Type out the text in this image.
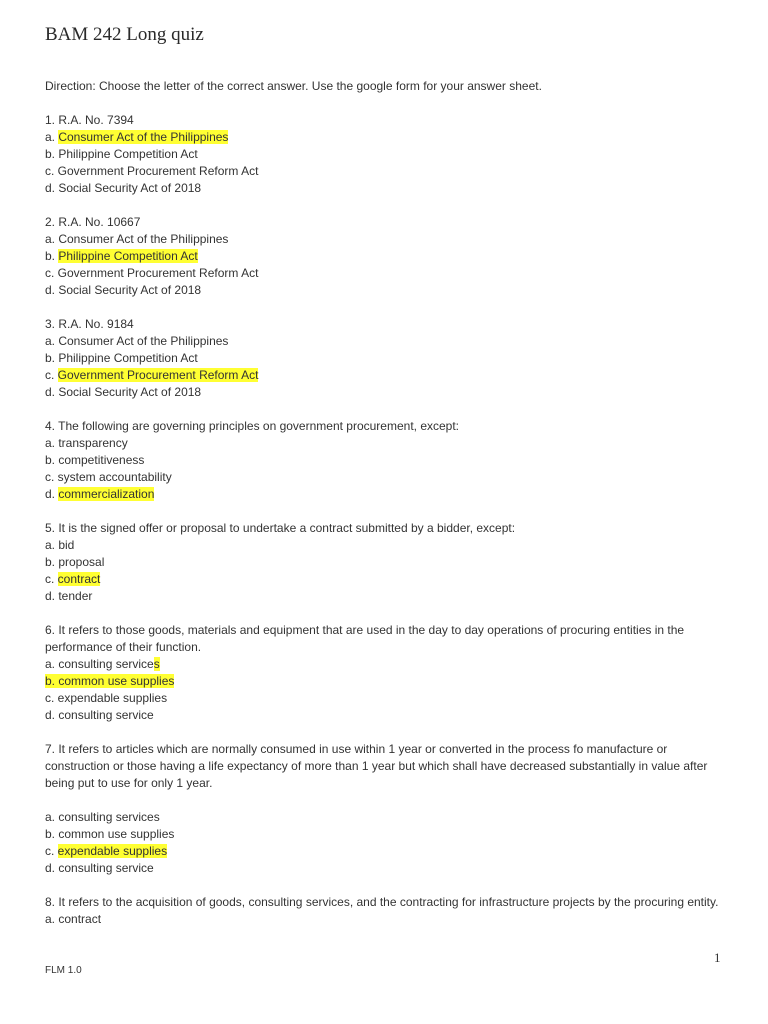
BAM 242 Long quiz

Direction: Choose the letter of the correct answer. Use the google form for your answer sheet.

1. R.A. No. 7394
a. Consumer Act of the Philippines
b. Philippine Competition Act
c. Government Procurement Reform Act
d. Social Security Act of 2018
2. R.A. No. 10667
a. Consumer Act of the Philippines
b. Philippine Competition Act
c. Government Procurement Reform Act
d. Social Security Act of 2018
3. R.A. No. 9184
a. Consumer Act of the Philippines
b. Philippine Competition Act
c. Government Procurement Reform Act
d. Social Security Act of 2018
4. The following are governing principles on government procurement, except:
a. transparency
b. competitiveness
c. system accountability
d. commercialization
5. It is the signed offer or proposal to undertake a contract submitted by a bidder, except:
a. bid
b. proposal
c. contract
d. tender
6. It refers to those goods, materials and equipment that are used in the day to day operations of procuring entities in the performance of their function.
a. consulting services
b. common use supplies
c. expendable supplies
d. consulting service
7. It refers to articles which are normally consumed in use within 1 year or converted in the process fo manufacture or construction or those having a life expectancy of more than 1 year but which shall have decreased substantially in value after being put to use for only 1 year.
a. consulting services
b. common use supplies
c. expendable supplies
d. consulting service
8. It refers to the acquisition of goods, consulting services, and the contracting for infrastructure projects by the procuring entity.
a. contract
1
FLM 1.0
